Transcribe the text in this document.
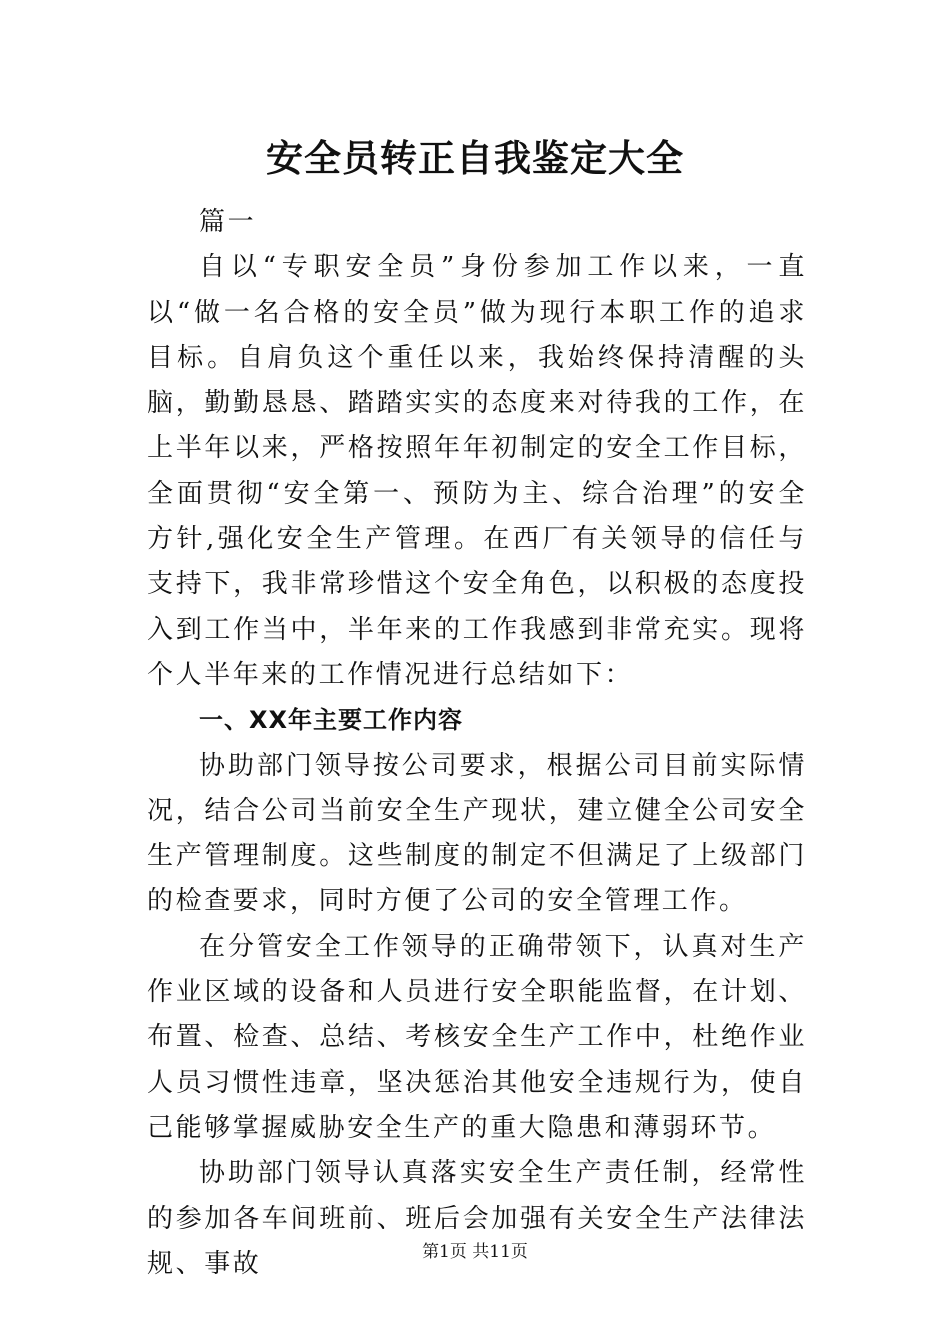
安全员转正自我鉴定大全

篇一

自以“专职安全员”身份参加工作以来，一直以“做一名合格的安全员”做为现行本职工作的追求目标。自肩负这个重任以来，我始终保持清醒的头脑，勤勤恳恳、踏踏实实的态度来对待我的工作，在上半年以来，严格按照年年初制定的安全工作目标，全面贯彻“安全第一、预防为主、综合治理”的安全方针,强化安全生产管理。在西厂有关领导的信任与支持下，我非常珍惜这个安全角色，以积极的态度投入到工作当中，半年来的工作我感到非常充实。现将个人半年来的工作情况进行总结如下：

一、XX年主要工作内容

协助部门领导按公司要求，根据公司目前实际情况，结合公司当前安全生产现状，建立健全公司安全生产管理制度。这些制度的制定不但满足了上级部门的检查要求，同时方便了公司的安全管理工作。

在分管安全工作领导的正确带领下，认真对生产作业区域的设备和人员进行安全职能监督，在计划、布置、检查、总结、考核安全生产工作中，杜绝作业人员习惯性违章，坚决惩治其他安全违规行为，使自己能够掌握威胁安全生产的重大隐患和薄弱环节。

协助部门领导认真落实安全生产责任制，经常性的参加各车间班前、班后会加强有关安全生产法律法规、事故	第1页 共11页
